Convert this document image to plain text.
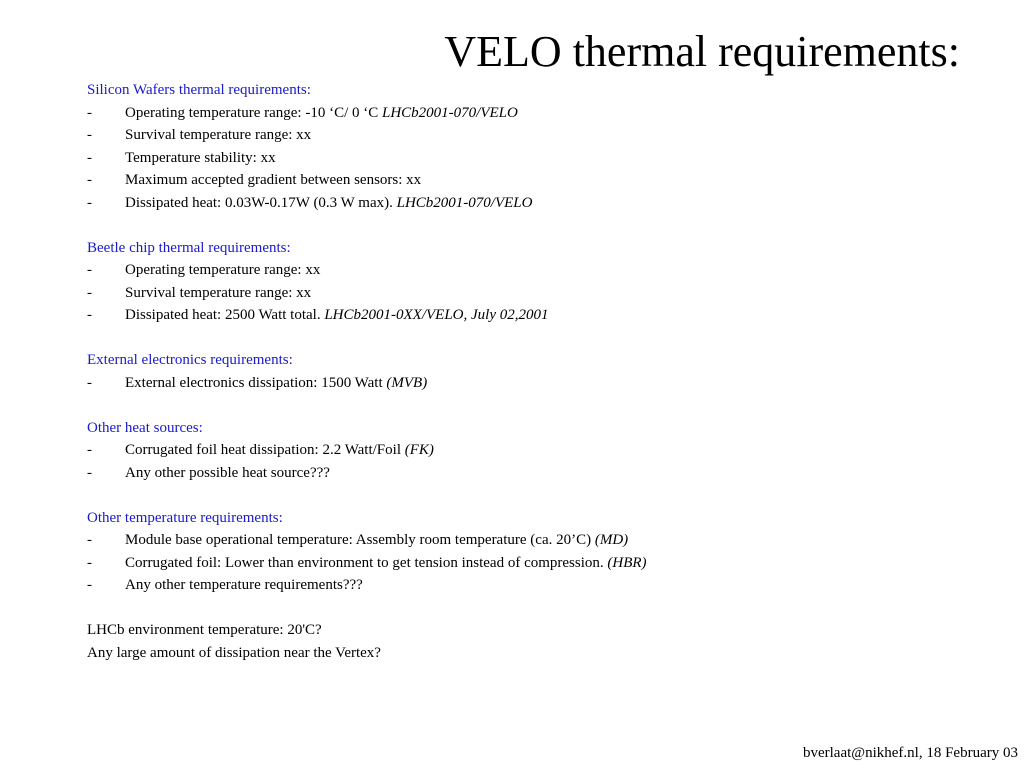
VELO thermal requirements:
Silicon Wafers thermal requirements:
-	Operating temperature range: -10 ‘C/ 0 ‘C LHCb2001-070/VELO
-	Survival temperature range: xx
-	Temperature stability: xx
-	Maximum accepted gradient between sensors: xx
-	Dissipated heat: 0.03W-0.17W (0.3 W max). LHCb2001-070/VELO
Beetle chip thermal requirements:
-	Operating temperature range: xx
-	Survival temperature range: xx
-	Dissipated heat: 2500 Watt total. LHCb2001-0XX/VELO, July 02,2001
External electronics requirements:
-	External electronics dissipation: 1500 Watt (MVB)
Other heat sources:
-	Corrugated foil heat dissipation: 2.2 Watt/Foil (FK)
-	Any other possible heat source???
Other temperature requirements:
-	Module base operational temperature: Assembly room temperature (ca. 20’C) (MD)
-	Corrugated foil: Lower than environment to get tension instead of compression. (HBR)
-	Any other temperature requirements???
LHCb environment temperature: 20'C?
Any large amount of dissipation near the Vertex?
bverlaat@nikhef.nl, 18 February 03
